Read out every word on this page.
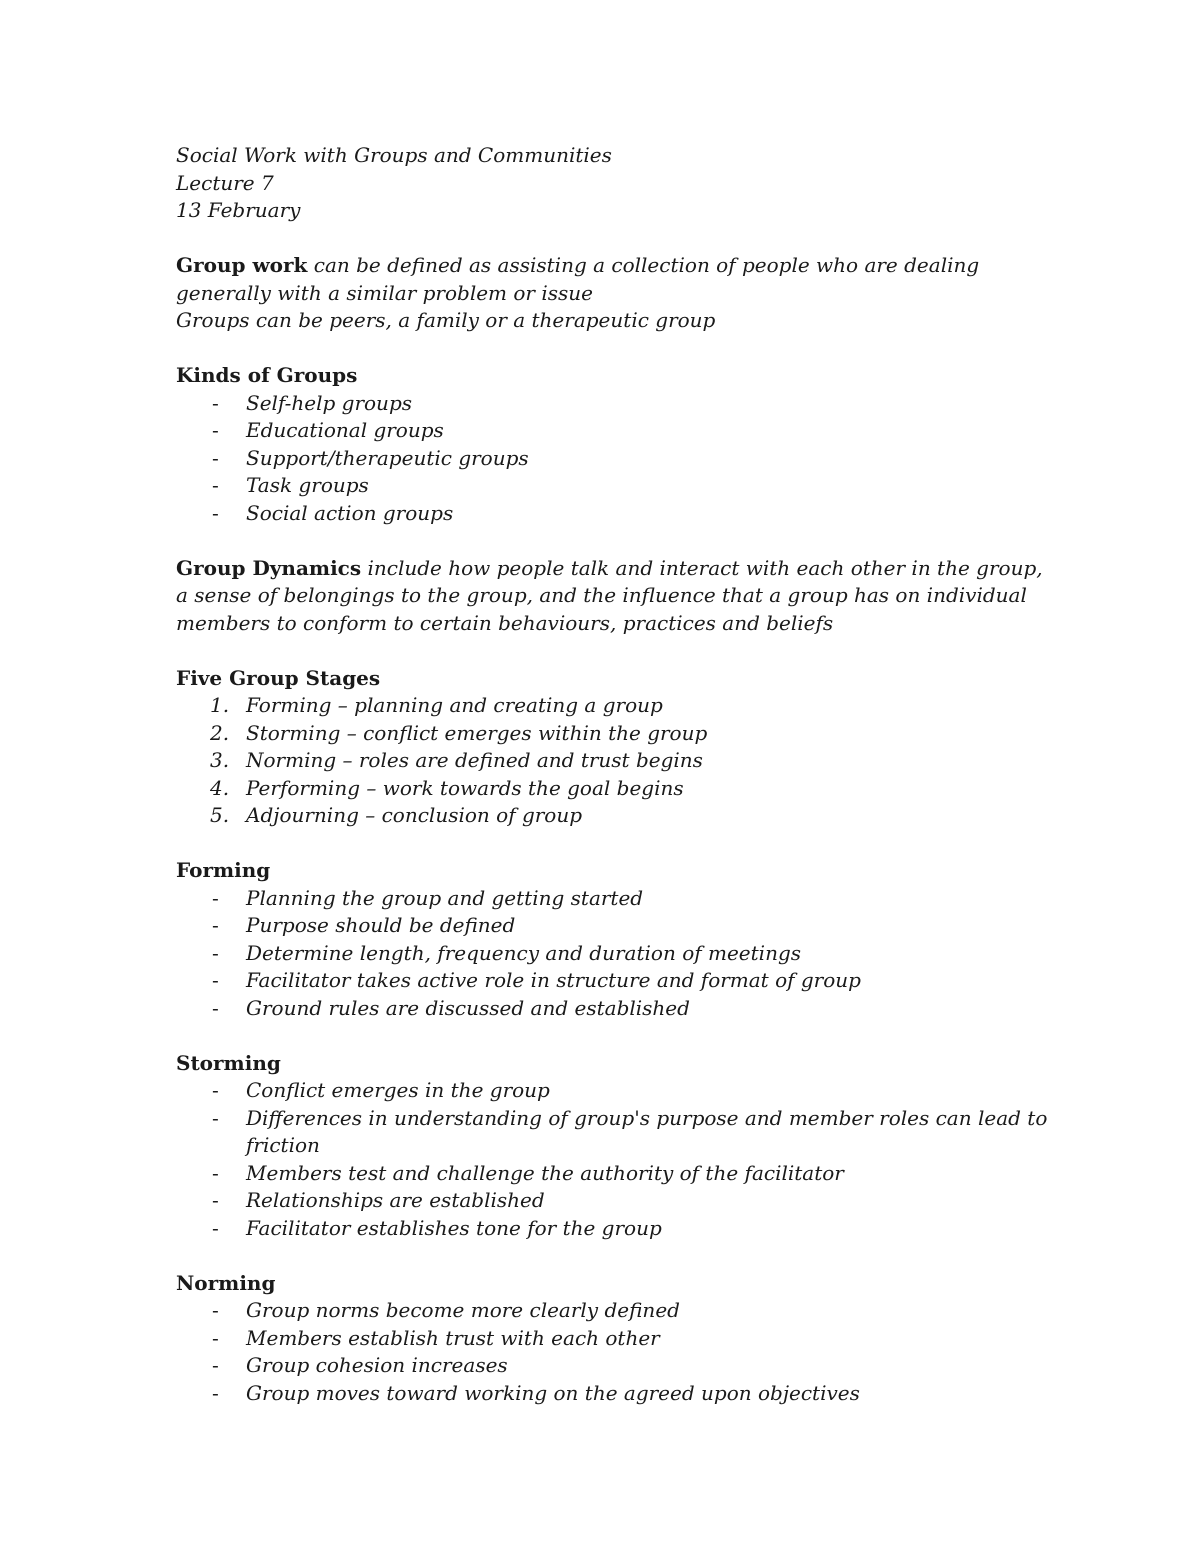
Social Work with Groups and Communities

Lecture 7

13 February

Group work can be defined as assisting a collection of people who are dealing generally with a similar problem or issue

Groups can be peers, a family or a therapeutic group

Kinds of Groups

- Self-help groups
- Educational groups
- Support/therapeutic groups
- Task groups
- Social action groups

Group Dynamics include how people talk and interact with each other in the group, a sense of belongings to the group, and the influence that a group has on individual members to conform to certain behaviours, practices and beliefs

Five Group Stages

1. Forming – planning and creating a group
2. Storming – conflict emerges within the group
3. Norming – roles are defined and trust begins
4. Performing – work towards the goal begins
5. Adjourning – conclusion of group

Forming

- Planning the group and getting started
- Purpose should be defined
- Determine length, frequency and duration of meetings
- Facilitator takes active role in structure and format of group
- Ground rules are discussed and established

Storming

- Conflict emerges in the group
- Differences in understanding of group's purpose and member roles can lead to friction
- Members test and challenge the authority of the facilitator
- Relationships are established
- Facilitator establishes tone for the group

Norming

- Group norms become more clearly defined
- Members establish trust with each other
- Group cohesion increases
- Group moves toward working on the agreed upon objectives
